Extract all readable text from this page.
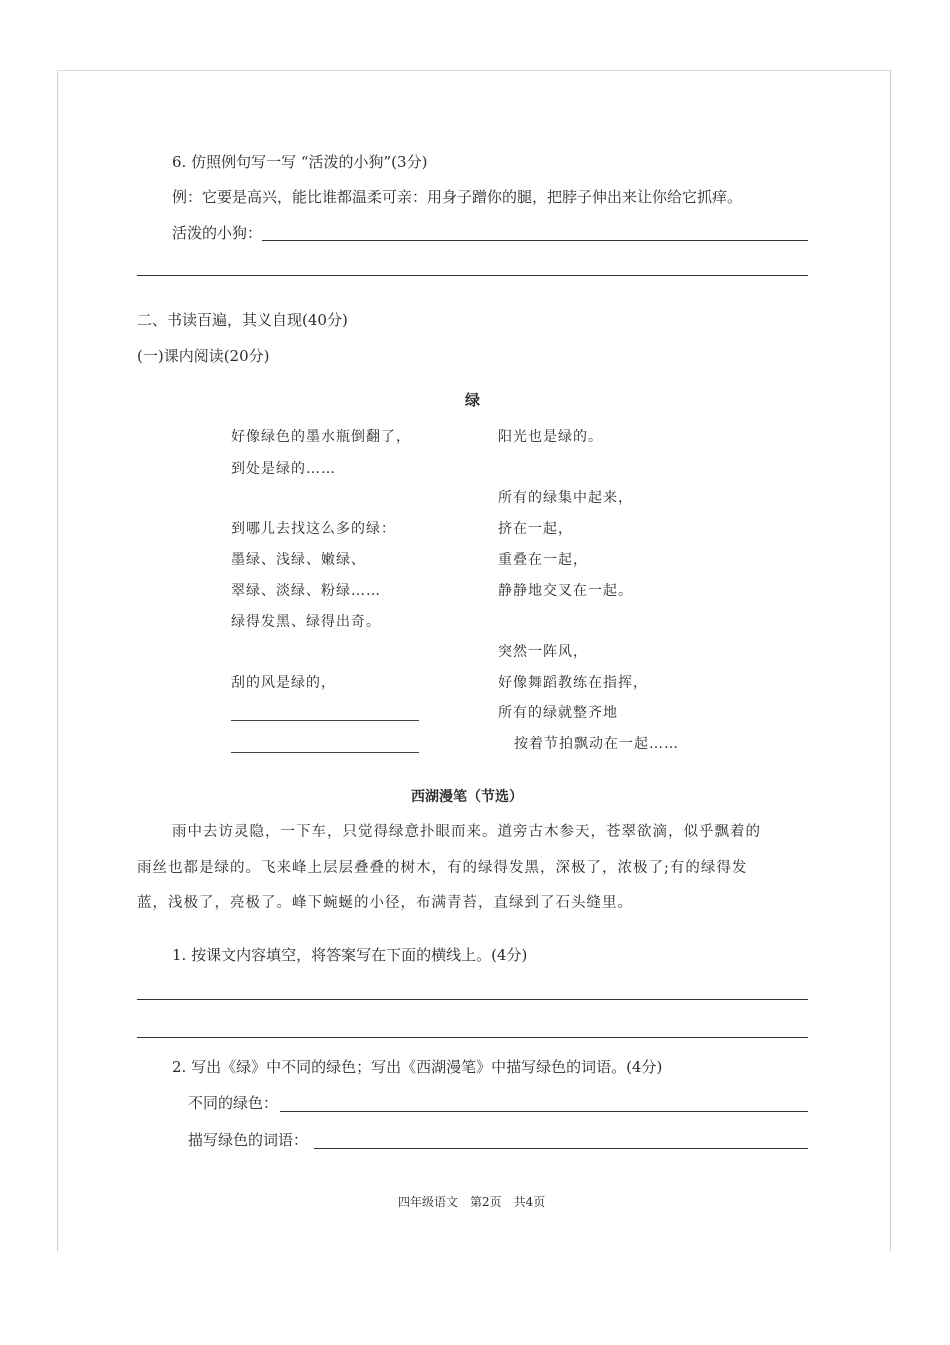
6. 仿照例句写一写 “活泼的小狗”(3分)
例：它要是高兴，能比谁都温柔可亲：用身子蹭你的腿，把脖子伸出来让你给它抓痒。
活泼的小狗：
二、书读百遍，其义自现(40分)
(一)课内阅读(20分)
绿
好像绿色的墨水瓶倒翻了，
到处是绿的……
到哪儿去找这么多的绿：
墨绿、浅绿、嫩绿、
翠绿、淡绿、粉绿……
绿得发黑、绿得出奇。
刮的风是绿的，
阳光也是绿的。
所有的绿集中起来，
挤在一起，
重叠在一起，
静静地交叉在一起。
突然一阵风，
好像舞蹈教练在指挥，
所有的绿就整齐地
按着节拍飘动在一起……
西湖漫笔（节选）
雨中去访灵隐，一下车，只觉得绿意扑眼而来。道旁古木参天，苍翠欲滴，似乎飘着的
雨丝也都是绿的。飞来峰上层层叠叠的树木，有的绿得发黑，深极了，浓极了;有的绿得发
蓝，浅极了，亮极了。峰下蜿蜒的小径，布满青苔，直绿到了石头缝里。
1. 按课文内容填空，将答案写在下面的横线上。(4分)
2. 写出《绿》中不同的绿色；写出《西湖漫笔》中描写绿色的词语。(4分)
不同的绿色：
描写绿色的词语：
四年级语文　第2页　共4页
